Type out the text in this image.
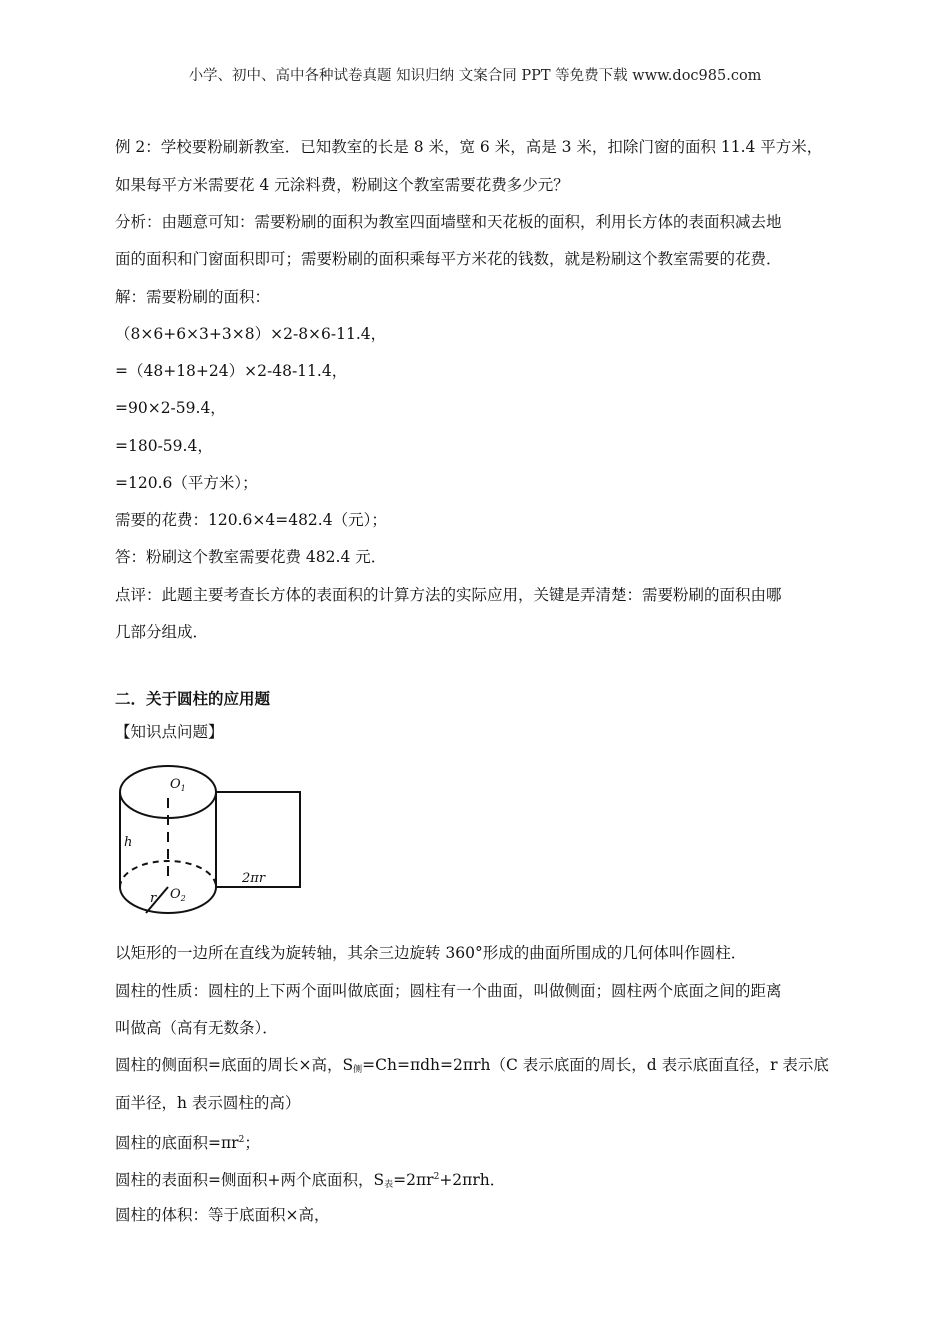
小学、初中、高中各种试卷真题 知识归纳 文案合同 PPT 等免费下载 www.doc985.com
例 2：学校要粉刷新教室．已知教室的长是 8 米，宽 6 米，高是 3 米，扣除门窗的面积 11.4 平方米，
如果每平方米需要花 4 元涂料费，粉刷这个教室需要花费多少元？
分析：由题意可知：需要粉刷的面积为教室四面墙壁和天花板的面积，利用长方体的表面积减去地
面的面积和门窗面积即可；需要粉刷的面积乘每平方米花的钱数，就是粉刷这个教室需要的花费．
解：需要粉刷的面积：
（8×6+6×3+3×8）×2-8×6-11.4，
=（48+18+24）×2-48-11.4，
=90×2-59.4，
=180-59.4，
=120.6（平方米）；
需要的花费：120.6×4=482.4（元）；
答：粉刷这个教室需要花费 482.4 元．
点评：此题主要考查长方体的表面积的计算方法的实际应用，关键是弄清楚：需要粉刷的面积由哪
几部分组成．
二．关于圆柱的应用题
【知识点问题】
$O_1$
h
r $O_2$
2πr
以矩形的一边所在直线为旋转轴，其余三边旋转 360°形成的曲面所围成的几何体叫作圆柱．
圆柱的性质：圆柱的上下两个面叫做底面；圆柱有一个曲面，叫做侧面；圆柱两个底面之间的距离
叫做高（高有无数条）．
圆柱的侧面积=底面的周长×高，$S_侧=Ch=\pi dh=2\pi rh(C$ 表示底面的周长，d 表示底面直径，r 表示底
面半径，h 表示圆柱的高）
圆柱的底面积$=\pi r^2$；
圆柱的表面积=侧面积+两个底面积，$S_表=2\pi r^2+2\pi rh$．
圆柱的体积：等于底面积×高，
